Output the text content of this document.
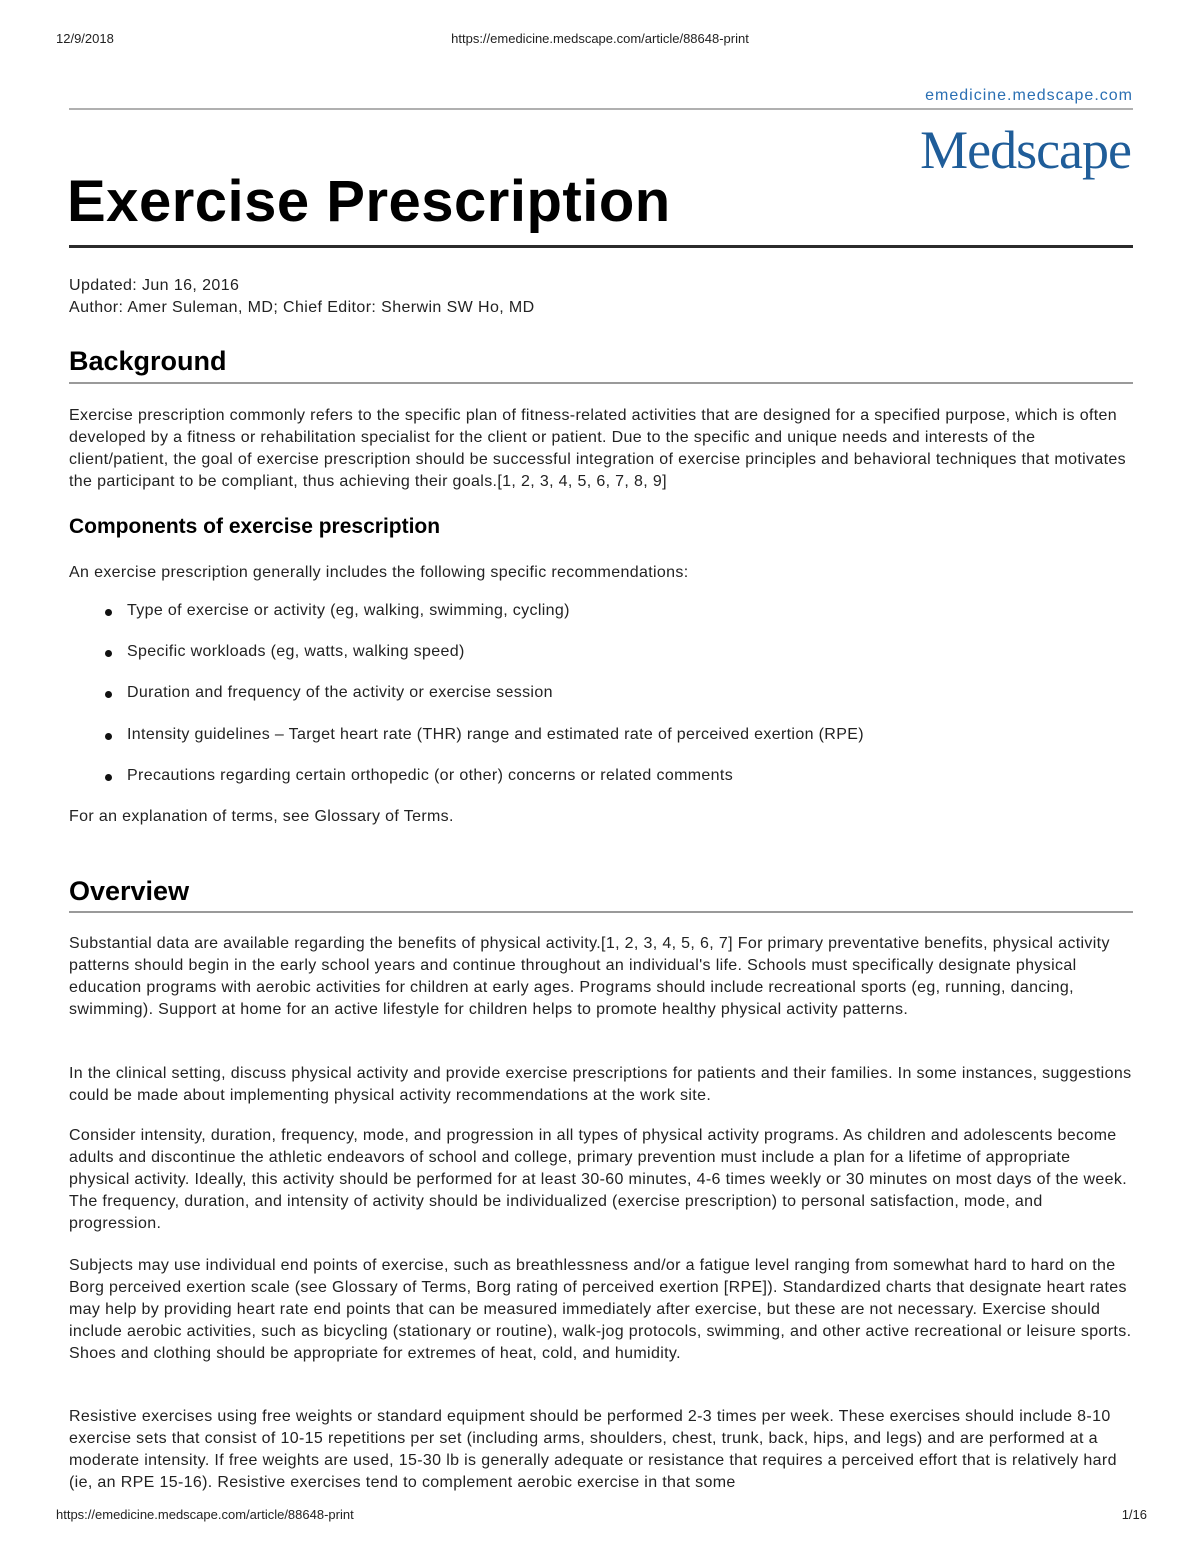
12/9/2018	https://emedicine.medscape.com/article/88648-print
emedicine.medscape.com
Medscape
Exercise Prescription
Updated: Jun 16, 2016
Author: Amer Suleman, MD; Chief Editor: Sherwin SW Ho, MD
Background

Exercise prescription commonly refers to the specific plan of fitness-related activities that are designed for a specified purpose, which is often developed by a fitness or rehabilitation specialist for the client or patient. Due to the specific and unique needs and interests of the client/patient, the goal of exercise prescription should be successful integration of exercise principles and behavioral techniques that motivates the participant to be compliant, thus achieving their goals.[1, 2, 3, 4, 5, 6, 7, 8, 9]

Components of exercise prescription

An exercise prescription generally includes the following specific recommendations:

Type of exercise or activity (eg, walking, swimming, cycling)
Specific workloads (eg, watts, walking speed)
Duration and frequency of the activity or exercise session
Intensity guidelines – Target heart rate (THR) range and estimated rate of perceived exertion (RPE)
Precautions regarding certain orthopedic (or other) concerns or related comments

For an explanation of terms, see Glossary of Terms.

Overview

Substantial data are available regarding the benefits of physical activity.[1, 2, 3, 4, 5, 6, 7] For primary preventative benefits, physical activity patterns should begin in the early school years and continue throughout an individual's life. Schools must specifically designate physical education programs with aerobic activities for children at early ages. Programs should include recreational sports (eg, running, dancing, swimming). Support at home for an active lifestyle for children helps to promote healthy physical activity patterns.

In the clinical setting, discuss physical activity and provide exercise prescriptions for patients and their families. In some instances, suggestions could be made about implementing physical activity recommendations at the work site.

Consider intensity, duration, frequency, mode, and progression in all types of physical activity programs. As children and adolescents become adults and discontinue the athletic endeavors of school and college, primary prevention must include a plan for a lifetime of appropriate physical activity. Ideally, this activity should be performed for at least 30-60 minutes, 4-6 times weekly or 30 minutes on most days of the week. The frequency, duration, and intensity of activity should be individualized (exercise prescription) to personal satisfaction, mode, and progression.

Subjects may use individual end points of exercise, such as breathlessness and/or a fatigue level ranging from somewhat hard to hard on the Borg perceived exertion scale (see Glossary of Terms, Borg rating of perceived exertion [RPE]). Standardized charts that designate heart rates may help by providing heart rate end points that can be measured immediately after exercise, but these are not necessary. Exercise should include aerobic activities, such as bicycling (stationary or routine), walk-jog protocols, swimming, and other active recreational or leisure sports. Shoes and clothing should be appropriate for extremes of heat, cold, and humidity.

Resistive exercises using free weights or standard equipment should be performed 2-3 times per week. These exercises should include 8-10 exercise sets that consist of 10-15 repetitions per set (including arms, shoulders, chest, trunk, back, hips, and legs) and are performed at a moderate intensity. If free weights are used, 15-30 lb is generally adequate or resistance that requires a perceived effort that is relatively hard (ie, an RPE 15-16). Resistive exercises tend to complement aerobic exercise in that some

https://emedicine.medscape.com/article/88648-print	1/16
